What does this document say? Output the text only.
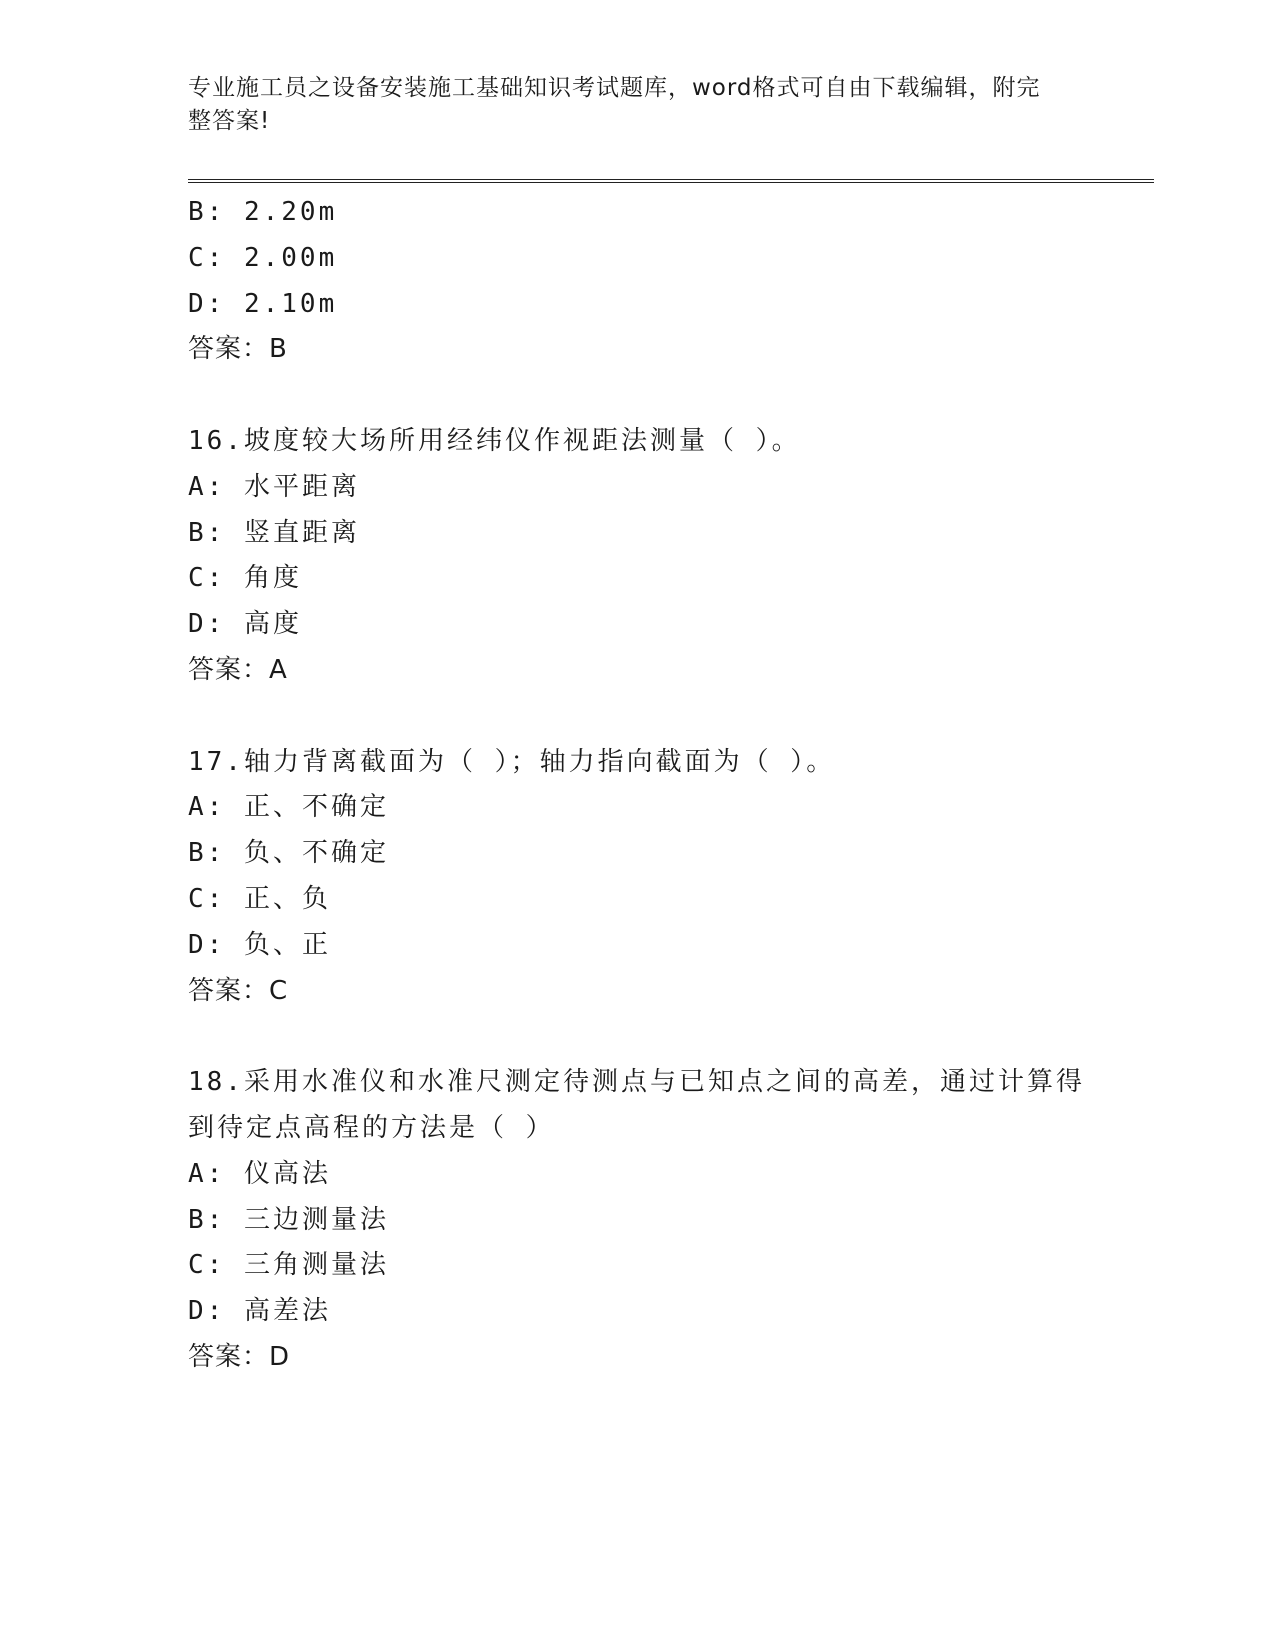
专业施工员之设备安装施工基础知识考试题库，word格式可自由下载编辑，附完
整答案!
B: 2.20m
C: 2.00m
D: 2.10m
答案：B
16.坡度较大场所用经纬仪作视距法测量（ ）。
A: 水平距离
B: 竖直距离
C: 角度
D: 高度
答案：A
17.轴力背离截面为（ ）；轴力指向截面为（ ）。
A: 正、不确定
B: 负、不确定
C: 正、负
D: 负、正
答案：C
18.采用水准仪和水准尺测定待测点与已知点之间的高差，通过计算得
到待定点高程的方法是（ ）
A: 仪高法
B: 三边测量法
C: 三角测量法
D: 高差法
答案：D
